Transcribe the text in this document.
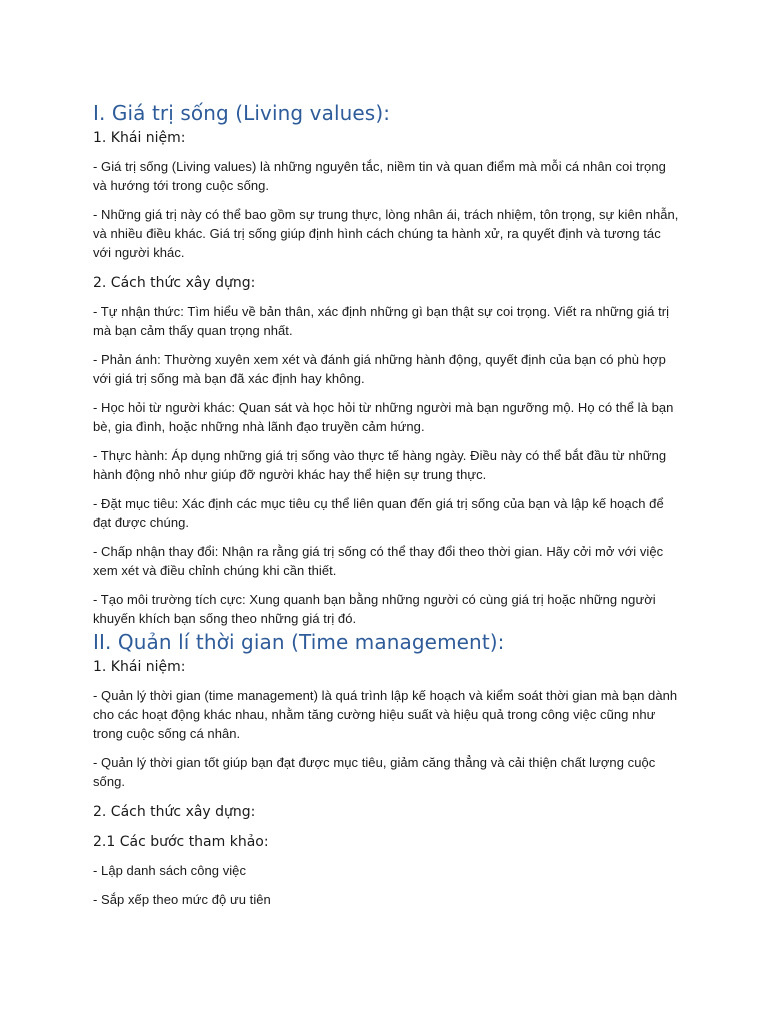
I. Giá trị sống (Living values):

1. Khái niệm:

- Giá trị sống (Living values) là những nguyên tắc, niềm tin và quan điểm mà mỗi cá nhân coi trọng và hướng tới trong cuộc sống.

- Những giá trị này có thể bao gồm sự trung thực, lòng nhân ái, trách nhiệm, tôn trọng, sự kiên nhẫn, và nhiều điều khác. Giá trị sống giúp định hình cách chúng ta hành xử, ra quyết định và tương tác với người khác.

2. Cách thức xây dựng:

- Tự nhận thức: Tìm hiểu về bản thân, xác định những gì bạn thật sự coi trọng. Viết ra những giá trị mà bạn cảm thấy quan trọng nhất.

- Phản ánh: Thường xuyên xem xét và đánh giá những hành động, quyết định của bạn có phù hợp với giá trị sống mà bạn đã xác định hay không.

- Học hỏi từ người khác: Quan sát và học hỏi từ những người mà bạn ngưỡng mộ. Họ có thể là bạn bè, gia đình, hoặc những nhà lãnh đạo truyền cảm hứng.

- Thực hành: Áp dụng những giá trị sống vào thực tế hàng ngày. Điều này có thể bắt đầu từ những hành động nhỏ như giúp đỡ người khác hay thể hiện sự trung thực.

- Đặt mục tiêu: Xác định các mục tiêu cụ thể liên quan đến giá trị sống của bạn và lập kế hoạch để đạt được chúng.

- Chấp nhận thay đổi: Nhận ra rằng giá trị sống có thể thay đổi theo thời gian. Hãy cởi mở với việc xem xét và điều chỉnh chúng khi cần thiết.

- Tạo môi trường tích cực: Xung quanh bạn bằng những người có cùng giá trị hoặc những người khuyến khích bạn sống theo những giá trị đó.

II. Quản lí thời gian (Time management):

1. Khái niệm:

- Quản lý thời gian (time management) là quá trình lập kế hoạch và kiểm soát thời gian mà bạn dành cho các hoạt động khác nhau, nhằm tăng cường hiệu suất và hiệu quả trong công việc cũng như trong cuộc sống cá nhân.

- Quản lý thời gian tốt giúp bạn đạt được mục tiêu, giảm căng thẳng và cải thiện chất lượng cuộc sống.

2. Cách thức xây dựng:

2.1 Các bước tham khảo:

- Lập danh sách công việc

- Sắp xếp theo mức độ ưu tiên
